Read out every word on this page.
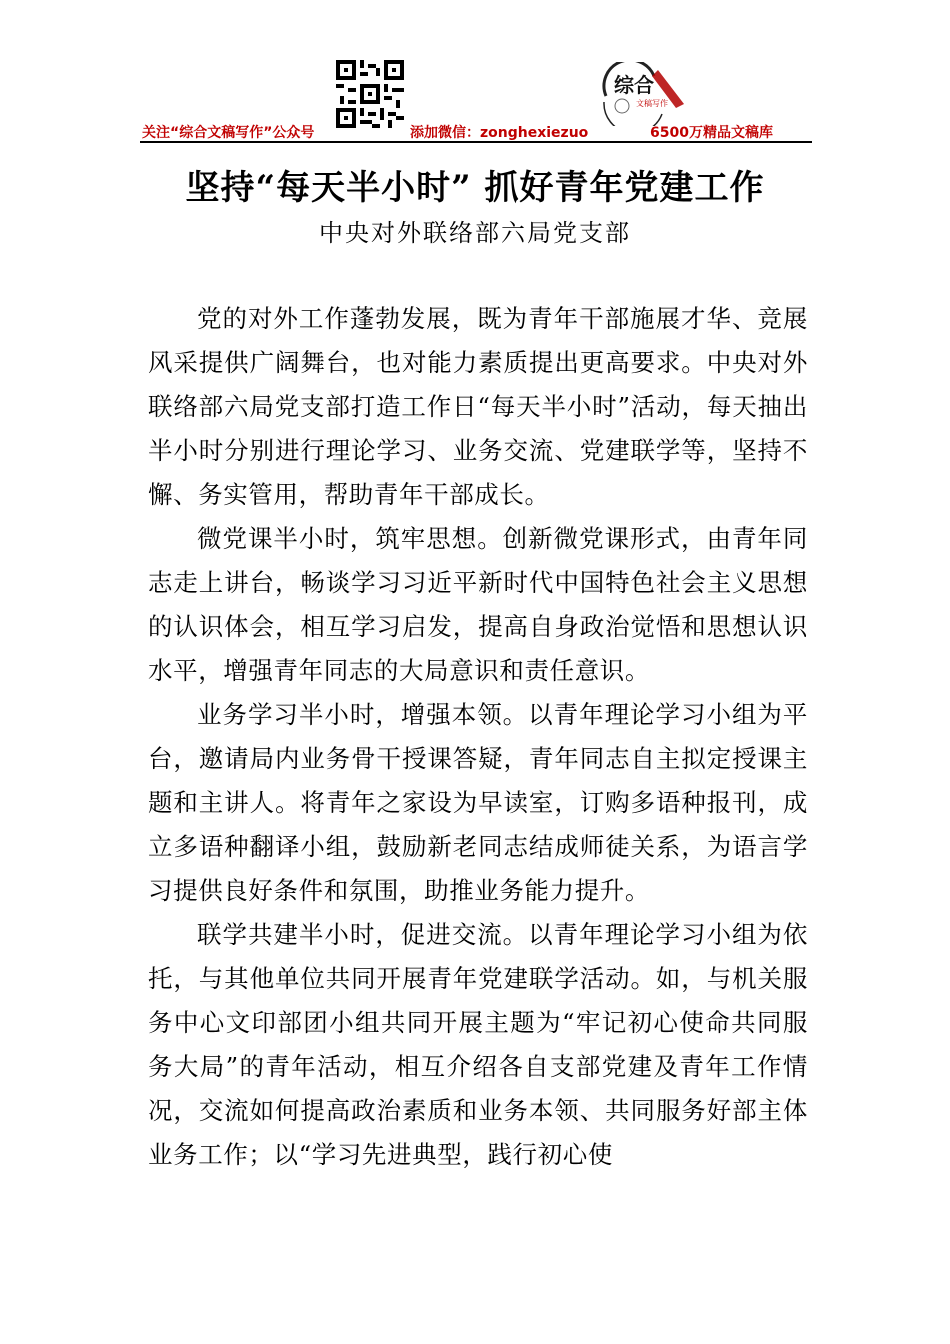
综合
文稿写作
关注“综合文稿写作”公众号	添加微信：zonghexiezuo	6500万精品文稿库
坚持“每天半小时” 抓好青年党建工作
中央对外联络部六局党支部

党的对外工作蓬勃发展，既为青年干部施展才华、竞展风采提供广阔舞台，也对能力素质提出更高要求。中央对外联络部六局党支部打造工作日“每天半小时”活动，每天抽出半小时分别进行理论学习、业务交流、党建联学等，坚持不懈、务实管用，帮助青年干部成长。

微党课半小时，筑牢思想。创新微党课形式，由青年同志走上讲台，畅谈学习习近平新时代中国特色社会主义思想的认识体会，相互学习启发，提高自身政治觉悟和思想认识水平，增强青年同志的大局意识和责任意识。

业务学习半小时，增强本领。以青年理论学习小组为平台，邀请局内业务骨干授课答疑，青年同志自主拟定授课主题和主讲人。将青年之家设为早读室，订购多语种报刊，成立多语种翻译小组，鼓励新老同志结成师徒关系，为语言学习提供良好条件和氛围，助推业务能力提升。

联学共建半小时，促进交流。以青年理论学习小组为依托，与其他单位共同开展青年党建联学活动。如，与机关服务中心文印部团小组共同开展主题为“牢记初心使命共同服务大局”的青年活动，相互介绍各自支部党建及青年工作情况，交流如何提高政治素质和业务本领、共同服务好部主体业务工作；以“学习先进典型，践行初心使
